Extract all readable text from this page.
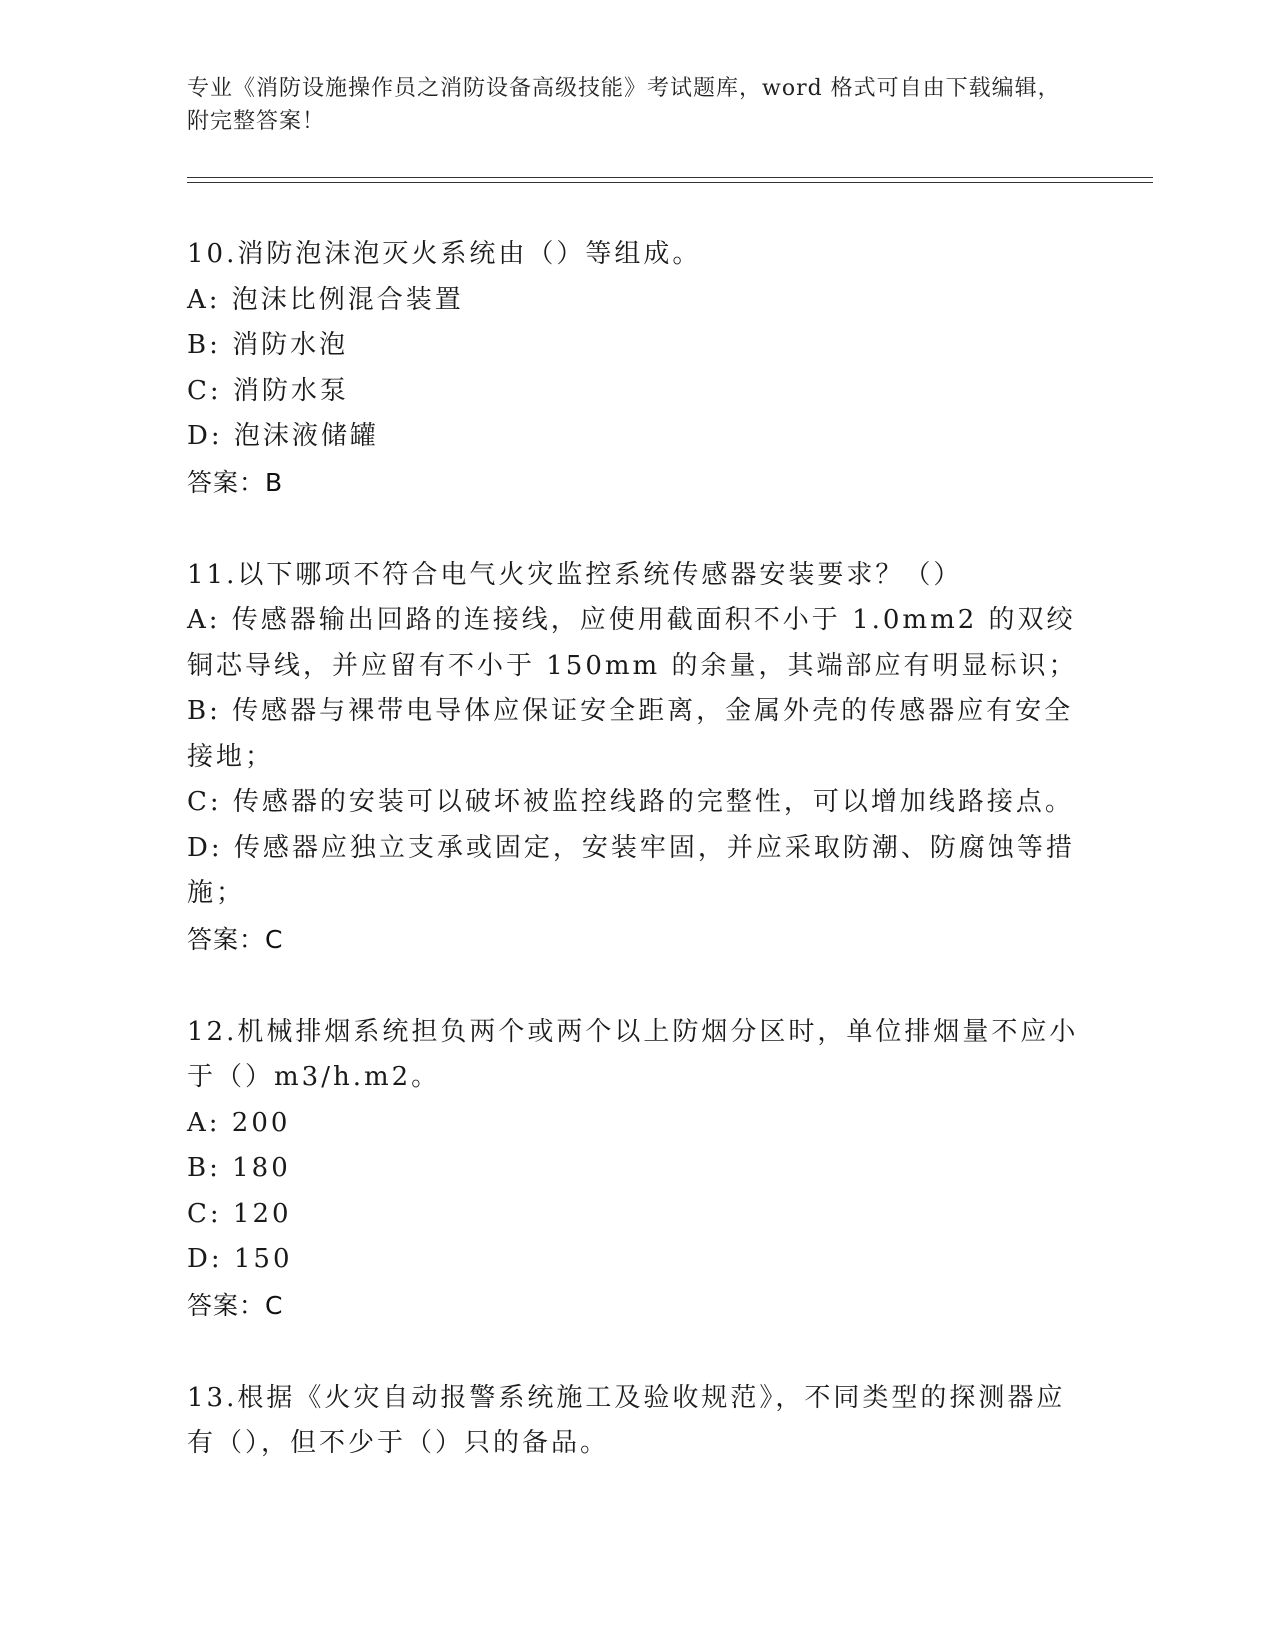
专业《消防设施操作员之消防设备高级技能》考试题库，word 格式可自由下载编辑，附完整答案！
10.消防泡沫泡灭火系统由（）等组成。
A: 泡沫比例混合装置
B: 消防水泡
C: 消防水泵
D: 泡沫液储罐
答案：B
11.以下哪项不符合电气火灾监控系统传感器安装要求？（）
A: 传感器输出回路的连接线，应使用截面积不小于 1.0mm2 的双绞铜芯导线，并应留有不小于 150mm 的余量，其端部应有明显标识；
B: 传感器与裸带电导体应保证安全距离，金属外壳的传感器应有安全接地；
C: 传感器的安装可以破坏被监控线路的完整性，可以增加线路接点。
D: 传感器应独立支承或固定，安装牢固，并应采取防潮、防腐蚀等措施；
答案：C
12.机械排烟系统担负两个或两个以上防烟分区时，单位排烟量不应小于（）m3/h.m2。
A: 200
B: 180
C: 120
D: 150
答案：C
13.根据《火灾自动报警系统施工及验收规范》，不同类型的探测器应有（），但不少于（）只的备品。
